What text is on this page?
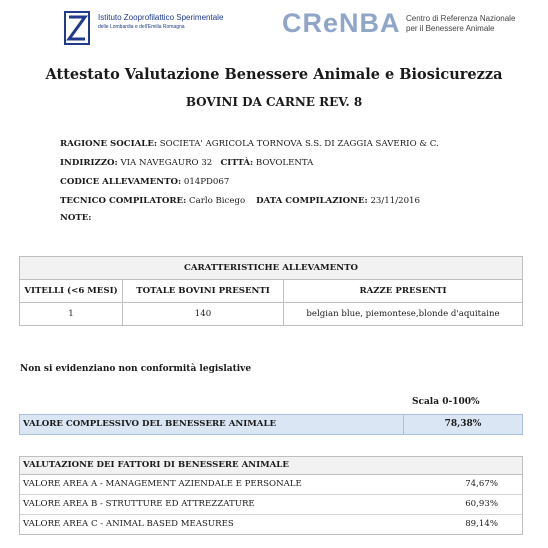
Istituto Zooprofilattico Sperimentale
delle Lombardia e dell'Emilia Romagna	CReNBA Centro di Referenza Nazionale
per il Benessere Animale
Attestato Valutazione Benessere Animale e Biosicurezza
BOVINI DA CARNE REV. 8
RAGIONE SOCIALE: SOCIETA' AGRICOLA TORNOVA S.S. DI ZAGGIA SAVERIO & C.
INDIRIZZO: VIA NAVEGAURO 32 CITTÀ: BOVOLENTA
CODICE ALLEVAMENTO: 014PD067
TECNICO COMPILATORE: Carlo Bicego DATA COMPILAZIONE: 23/11/2016
NOTE:
CARATTERISTICHE ALLEVAMENTO
VITELLI (<6 MESI)	TOTALE BOVINI PRESENTI	RAZZE PRESENTI
1	140	belgian blue, piemontese,blonde d'aquitaine
Non si evidenziano non conformità legislative
Scala 0-100%
VALORE COMPLESSIVO DEL BENESSERE ANIMALE	78,38%
VALUTAZIONE DEI FATTORI DI BENESSERE ANIMALE
VALORE AREA A - MANAGEMENT AZIENDALE E PERSONALE	74,67%
VALORE AREA B - STRUTTURE ED ATTREZZATURE	60,93%
VALORE AREA C - ANIMAL BASED MEASURES	89,14%
